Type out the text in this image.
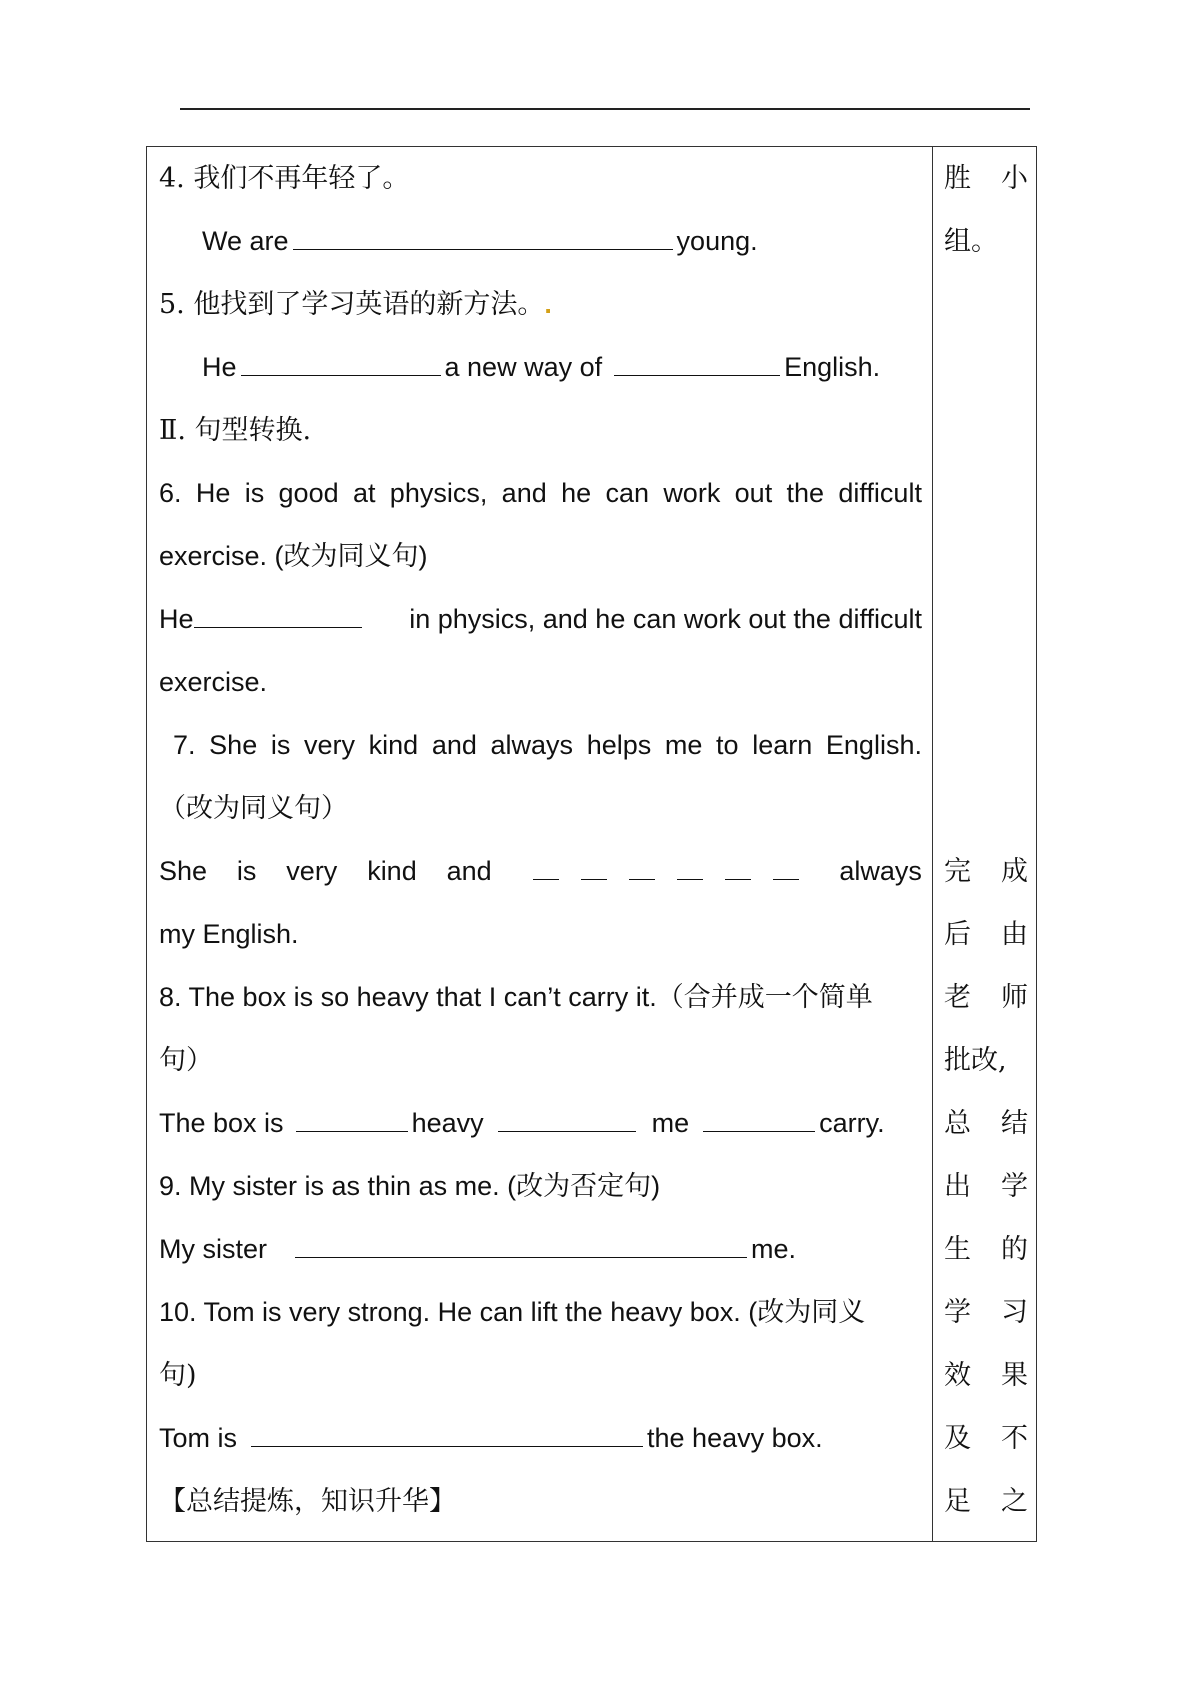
4. 我们不再年轻了。
We are	young.
5. 他找到了学习英语的新方法。.
He	a new way of	English.
Ⅱ. 句型转换.
6. He is good at physics, and he can work out the difficult
exercise. (改为同义句)
He	in physics, and he can work out the difficult
exercise.
7. She is very kind and always helps me to learn English.
（改为同义句）
She is very kind and	always
my English.
8. The box is so heavy that I can’t carry it.（合并成一个简单
句）
The box is	heavy	me	carry.
9. My sister is as thin as me. (改为否定句)
My sister	me.
10. Tom is very strong. He can lift the heavy box. (改为同义
句)
Tom is	the heavy box.
【总结提炼，知识升华】
胜 小
组。
完 成
后 由
老 师
批改,
总 结
出 学
生 的
学 习
效 果
及 不
足 之
